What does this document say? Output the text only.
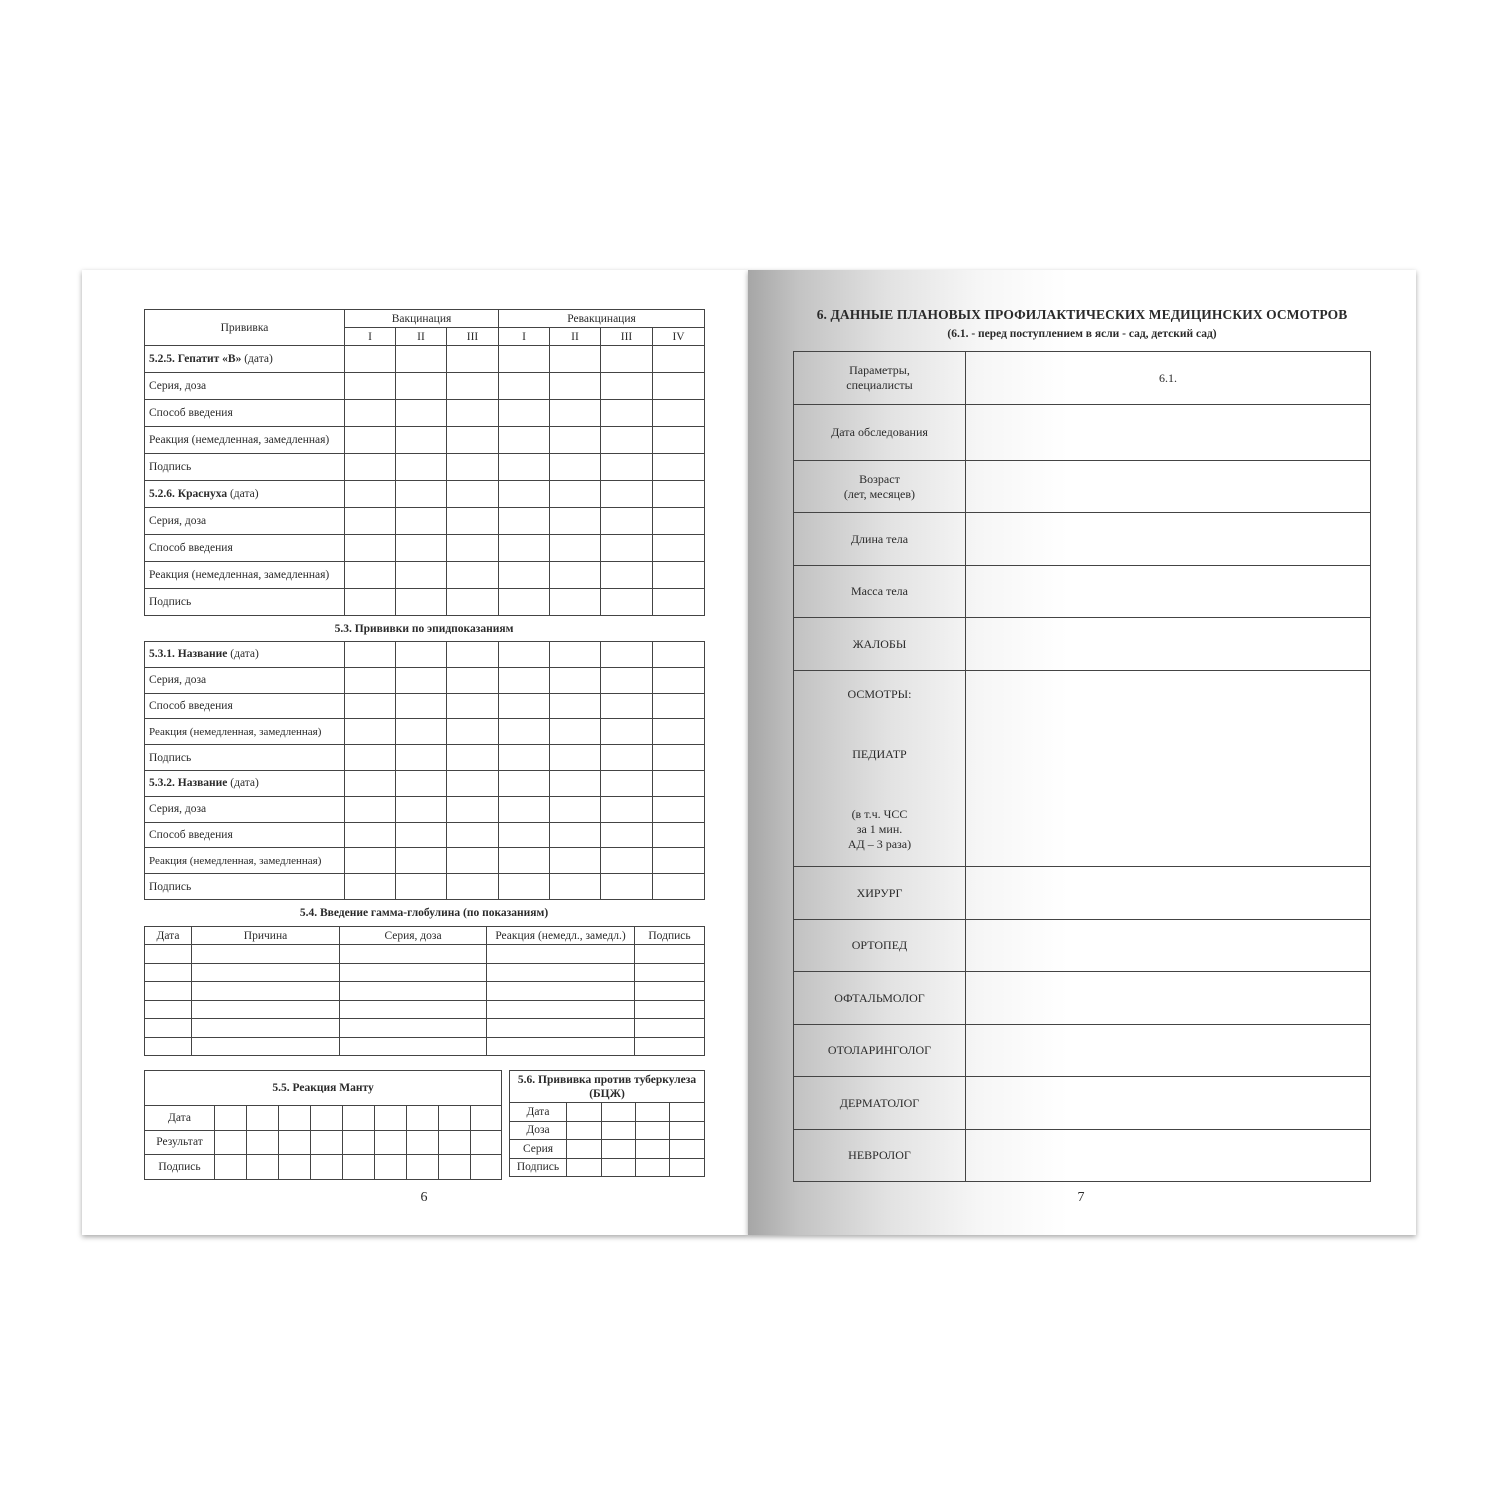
Прививка	Вакцинация			Ревакцинация			
	I	II	III	I	II	III	IV
5.2.5. Гепатит «В» (дата)							
Серия, доза							
Способ введения							
Реакция (немедленная, замедленная)							
Подпись							
5.2.6. Краснуха (дата)							
Серия, доза							
Способ введения							
Реакция (немедленная, замедленная)							
Подпись							
5.3. Прививки по эпидпоказаниям
5.3.1. Название (дата)							
Серия, доза							
Способ введения							
Реакция (немедленная, замедленная)							
Подпись							
5.3.2. Название (дата)							
Серия, доза							
Способ введения							
Реакция (немедленная, замедленная)							
Подпись							
5.4. Введение гамма-глобулина (по показаниям)
Дата	Причина	Серия, доза	Реакция (немедл., замедл.)	Подпись

5.5. Реакция Манту									
Дата									
Результат									
Подпись									
5.6. Прививка против туберкулеза
(БЦЖ)				
Дата				
Доза				
Серия				
Подпись				
6
6. ДАННЫЕ ПЛАНОВЫХ ПРОФИЛАКТИЧЕСКИХ МЕДИЦИНСКИХ ОСМОТРОВ
(6.1. - перед поступлением в ясли - сад, детский сад)
Параметры,
специалисты	6.1.
Дата обследования	
Возраст
(лет, месяцев)	
Длина тела	
Масса тела	
ЖАЛОБЫ	

ОСМОТРЫ:
ПЕДИАТР
(в т.ч. ЧСС
за 1 мин.
АД – 3 раза)	

ХИРУРГ	
ОРТОПЕД	
ОФТАЛЬМОЛОГ	
ОТОЛАРИНГОЛОГ	
ДЕРМАТОЛОГ	
НЕВРОЛОГ	
7
